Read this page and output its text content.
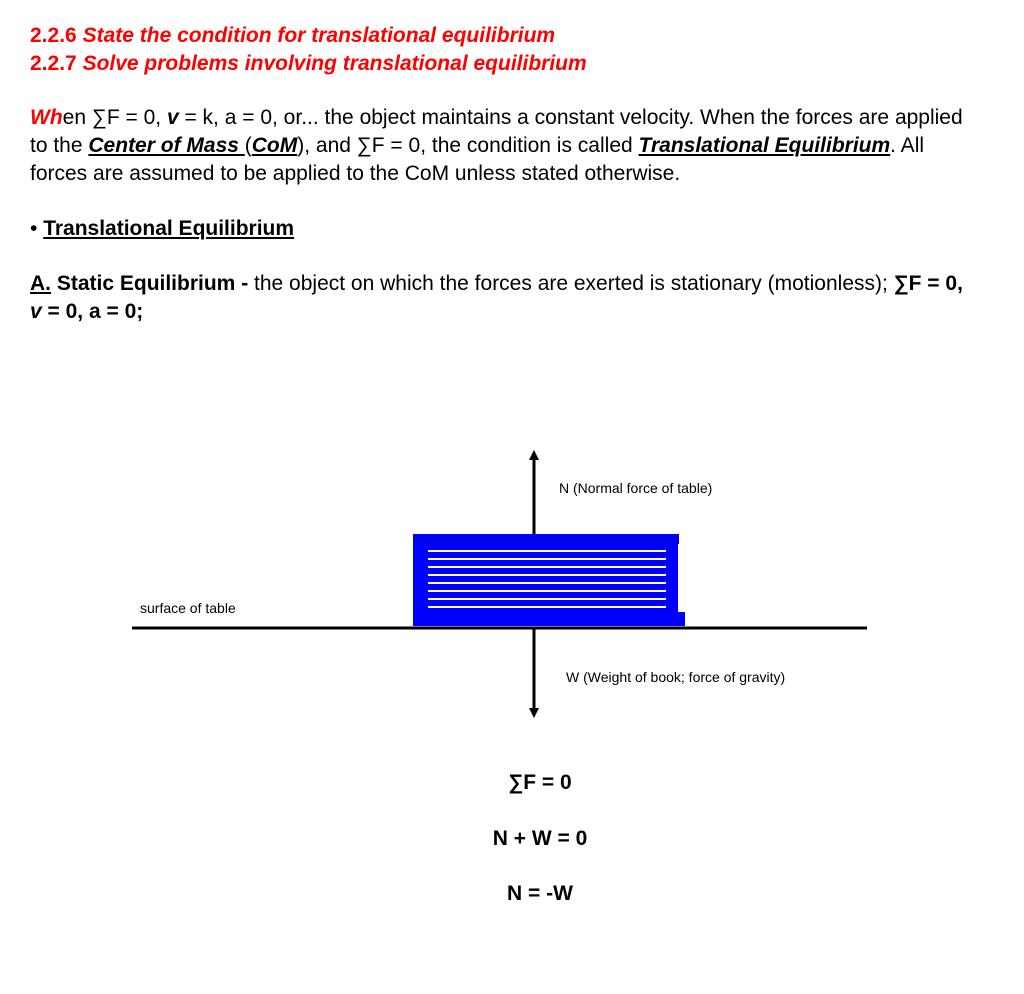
2.2.6 State the condition for translational equilibrium
2.2.7 Solve problems involving translational equilibrium
When ∑F = 0, v = k, a = 0, or... the object maintains a constant velocity. When the forces are applied
to the Center of Mass (CoM), and ∑F = 0, the condition is called Translational Equilibrium. All
forces are assumed to be applied to the CoM unless stated otherwise.
• Translational Equilibrium
A. Static Equilibrium - the object on which the forces are exerted is stationary (motionless); ∑F = 0,
v = 0, a = 0;
N (Normal force of table)
surface of table
W (Weight of book; force of gravity)
∑F = 0
N + W = 0
N = -W
